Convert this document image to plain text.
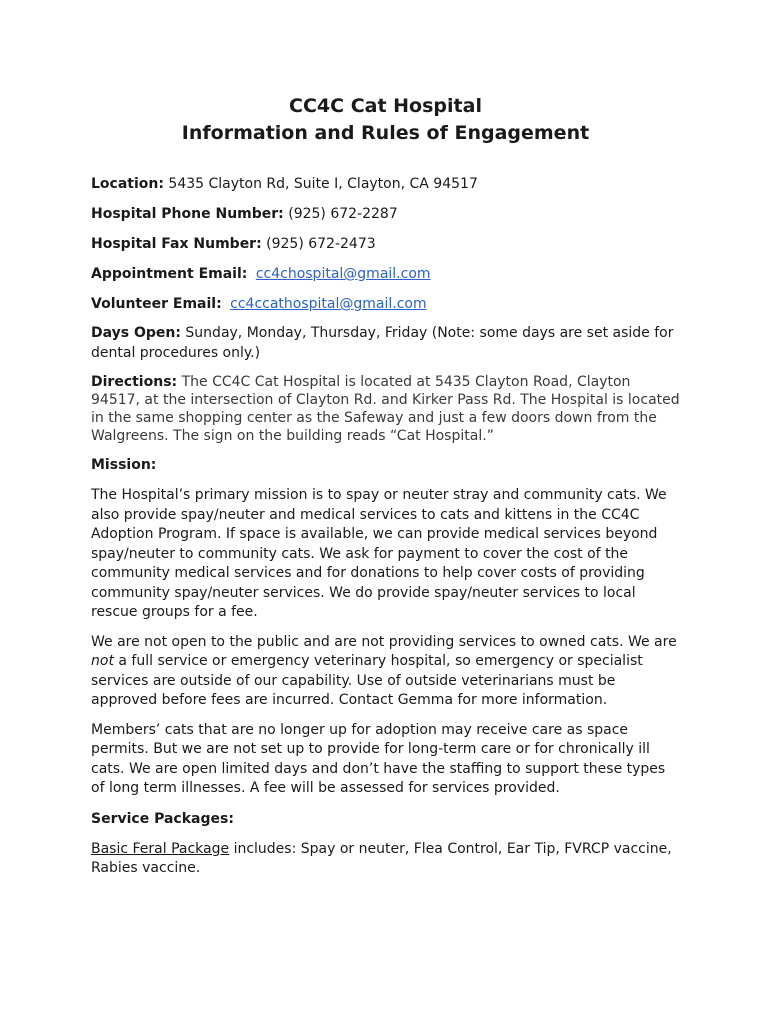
CC4C Cat Hospital
Information and Rules of Engagement

Location: 5435 Clayton Rd, Suite I, Clayton, CA 94517

Hospital Phone Number: (925) 672-2287

Hospital Fax Number: (925) 672-2473

Appointment Email: cc4chospital@gmail.com

Volunteer Email: cc4ccathospital@gmail.com

Days Open: Sunday, Monday, Thursday, Friday (Note: some days are set aside for dental procedures only.)

Directions: The CC4C Cat Hospital is located at 5435 Clayton Road, Clayton 94517, at the intersection of Clayton Rd. and Kirker Pass Rd. The Hospital is located in the same shopping center as the Safeway and just a few doors down from the Walgreens. The sign on the building reads “Cat Hospital.”

Mission:

The Hospital’s primary mission is to spay or neuter stray and community cats. We also provide spay/neuter and medical services to cats and kittens in the CC4C Adoption Program. If space is available, we can provide medical services beyond spay/neuter to community cats. We ask for payment to cover the cost of the community medical services and for donations to help cover costs of providing community spay/neuter services. We do provide spay/neuter services to local rescue groups for a fee.

We are not open to the public and are not providing services to owned cats. We are not a full service or emergency veterinary hospital, so emergency or specialist services are outside of our capability. Use of outside veterinarians must be approved before fees are incurred. Contact Gemma for more information.

Members’ cats that are no longer up for adoption may receive care as space permits. But we are not set up to provide for long-term care or for chronically ill cats. We are open limited days and don’t have the staffing to support these types of long term illnesses. A fee will be assessed for services provided.

Service Packages:

Basic Feral Package includes: Spay or neuter, Flea Control, Ear Tip, FVRCP vaccine, Rabies vaccine.
